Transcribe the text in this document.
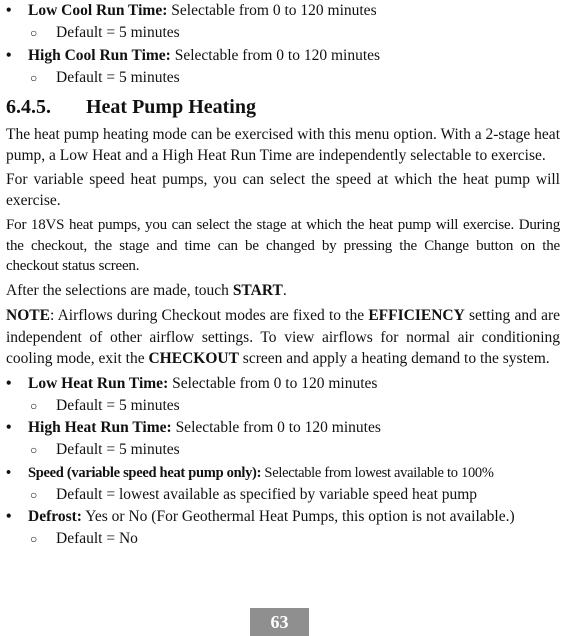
• Low Cool Run Time: Selectable from 0 to 120 minutes
○ Default = 5 minutes
• High Cool Run Time: Selectable from 0 to 120 minutes
○ Default = 5 minutes
6.4.5. Heat Pump Heating

The heat pump heating mode can be exercised with this menu option. With a 2-stage heat pump, a Low Heat and a High Heat Run Time are independently selectable to exercise.

For variable speed heat pumps, you can select the speed at which the heat pump will exercise.

For 18VS heat pumps, you can select the stage at which the heat pump will exercise. During the checkout, the stage and time can be changed by pressing the Change button on the checkout status screen.

After the selections are made, touch START.

NOTE: Airflows during Checkout modes are fixed to the EFFICIENCY setting and are independent of other airflow settings. To view airflows for normal air conditioning cooling mode, exit the CHECKOUT screen and apply a heating demand to the system.

• Low Heat Run Time: Selectable from 0 to 120 minutes
○ Default = 5 minutes
• High Heat Run Time: Selectable from 0 to 120 minutes
○ Default = 5 minutes
• Speed (variable speed heat pump only): Selectable from lowest available to 100%
○ Default = lowest available as specified by variable speed heat pump
• Defrost: Yes or No (For Geothermal Heat Pumps, this option is not available.)
○ Default = No
63
